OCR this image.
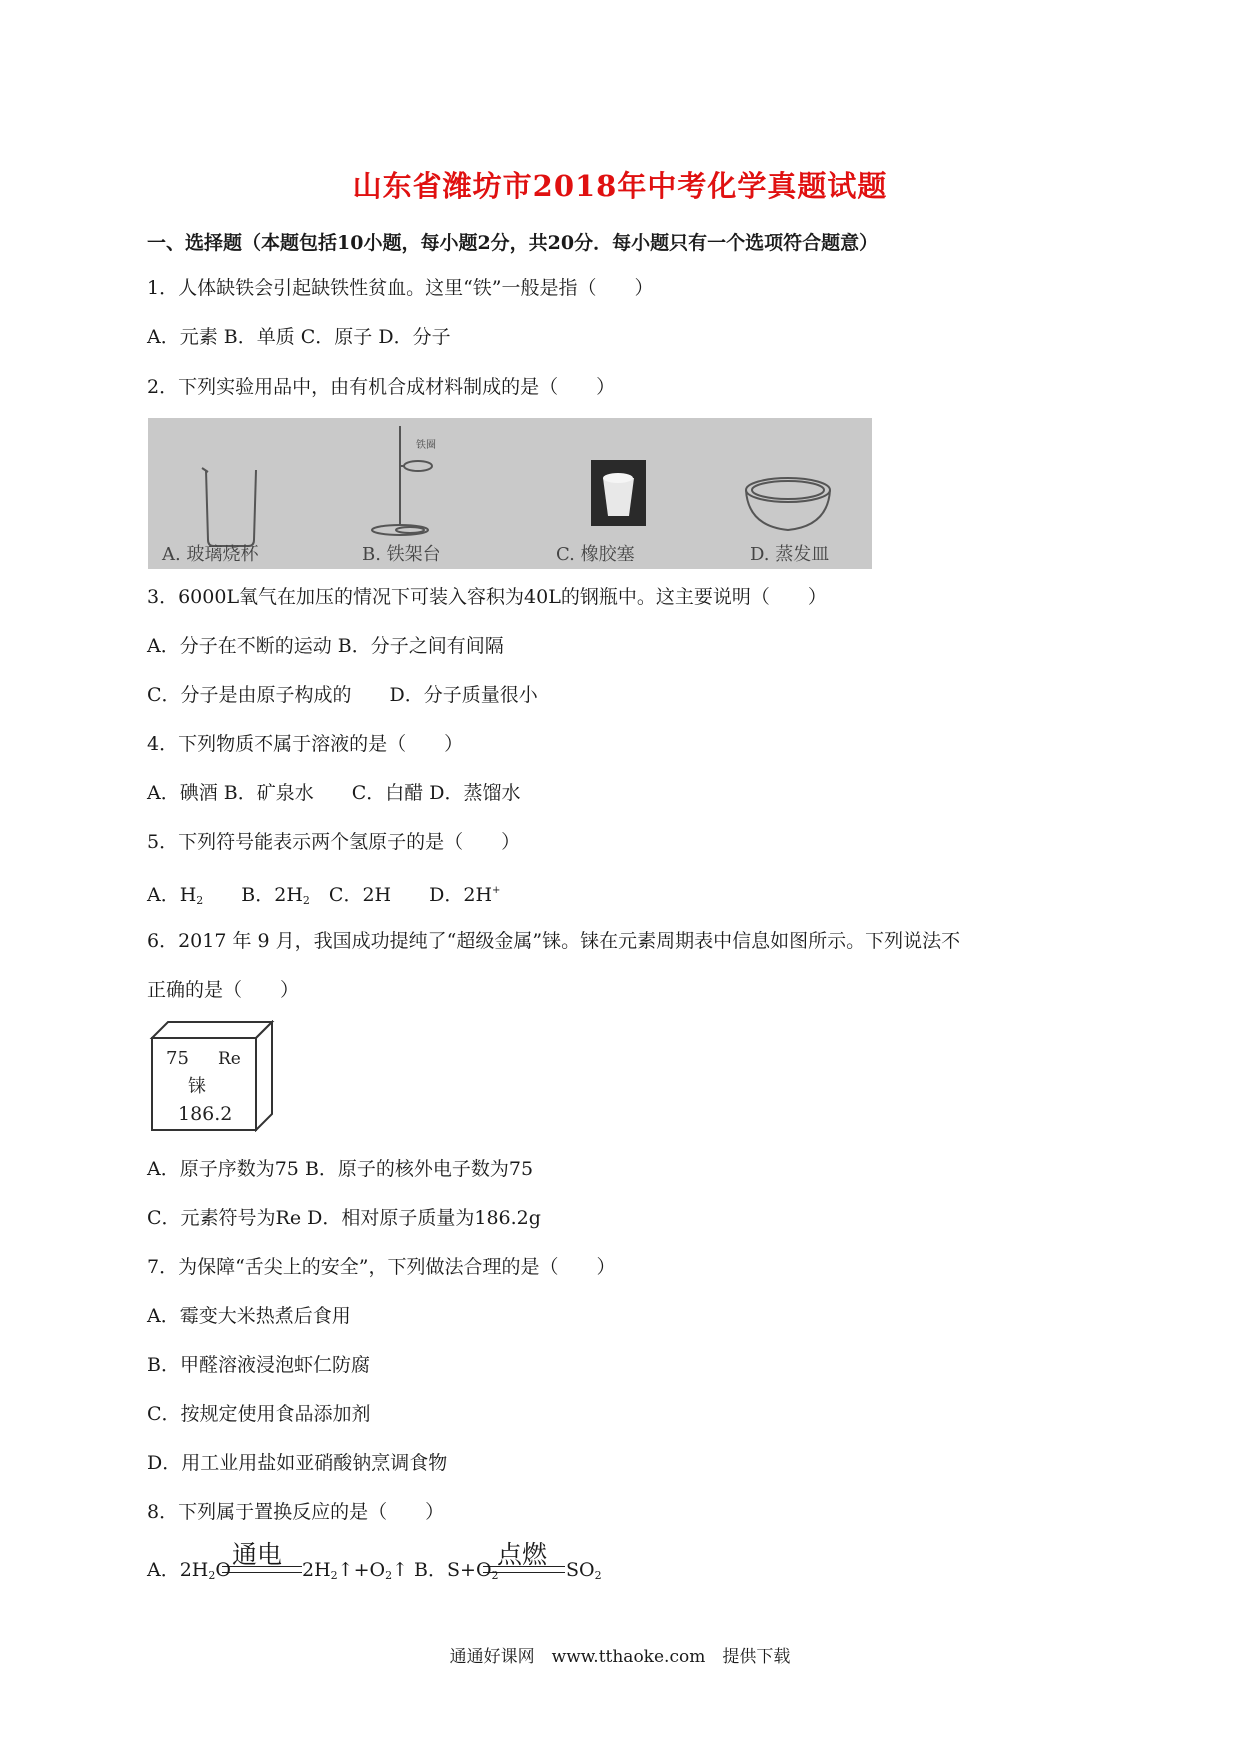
山东省潍坊市2018年中考化学真题试题
一、选择题（本题包括10小题，每小题2分，共20分．每小题只有一个选项符合题意）
1．人体缺铁会引起缺铁性贫血。这里“铁”一般是指（　　）
A．元素 B．单质 C．原子 D．分子
2．下列实验用品中，由有机合成材料制成的是（　　）
铁圈
A. 玻璃烧杯	B. 铁架台	C. 橡胶塞	D. 蒸发皿
3．6000L氧气在加压的情况下可装入容积为40L的钢瓶中。这主要说明（　　）
A．分子在不断的运动 B．分子之间有间隔
C．分子是由原子构成的　　D．分子质量很小
4．下列物质不属于溶液的是（　　）
A．碘酒 B．矿泉水　　C．白醋 D．蒸馏水
5．下列符号能表示两个氢原子的是（　　）
A．$H_2$　　B．$2H_2$　C．2H　　D．2H+
6．2017 年 9 月，我国成功提纯了“超级金属”铼。铼在元素周期表中信息如图所示。下列说法不
正确的是（　　）
75 Re
铼
186.2
A．原子序数为75 B．原子的核外电子数为75
C．元素符号为Re D．相对原子质量为186.2g
7．为保障“舌尖上的安全”，下列做法合理的是（　　）
A．霉变大米热煮后食用
B．甲醛溶液浸泡虾仁防腐
C．按规定使用食品添加剂
D．用工业用盐如亚硝酸钠烹调食物
8．下列属于置换反应的是（　　）
通电	点燃
A．$2H_2O$	$2H_2↑+O_2↑$ B．$S+O_2$	$SO_2$
通通好课网　www.tthaoke.com　提供下载
